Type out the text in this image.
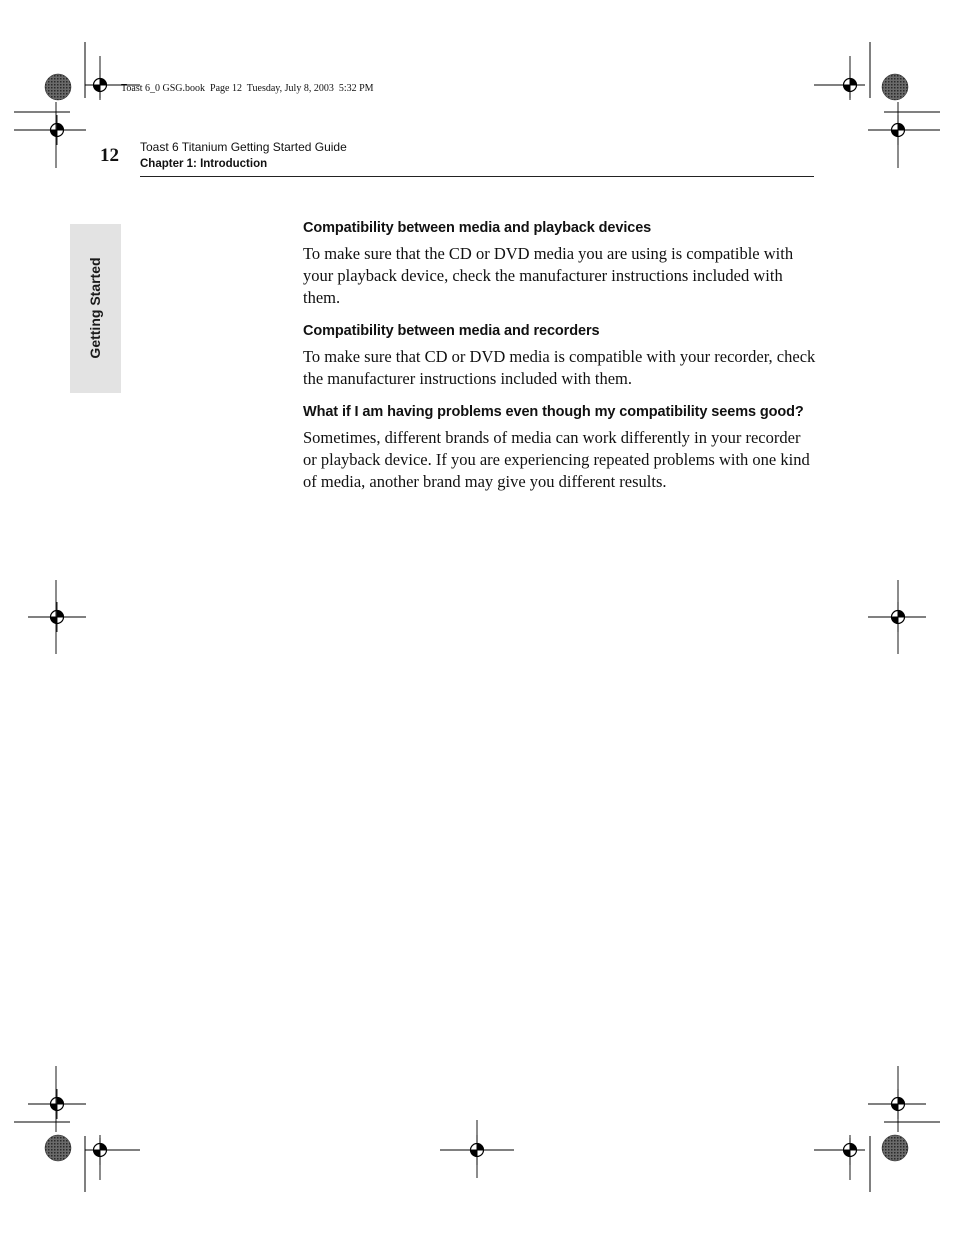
Toast 6_0 GSG.book  Page 12  Tuesday, July 8, 2003  5:32 PM
12 Toast 6 Titanium Getting Started Guide
Chapter 1: Introduction
Getting Started
Compatibility between media and playback devices

To make sure that the CD or DVD media you are using is compatible with your playback device, check the manufacturer instructions included with them.

Compatibility between media and recorders

To make sure that CD or DVD media is compatible with your recorder, check the manufacturer instructions included with them.

What if I am having problems even though my compatibility seems good?

Sometimes, different brands of media can work differently in your recorder or playback device. If you are experiencing repeated problems with one kind of media, another brand may give you different results.
